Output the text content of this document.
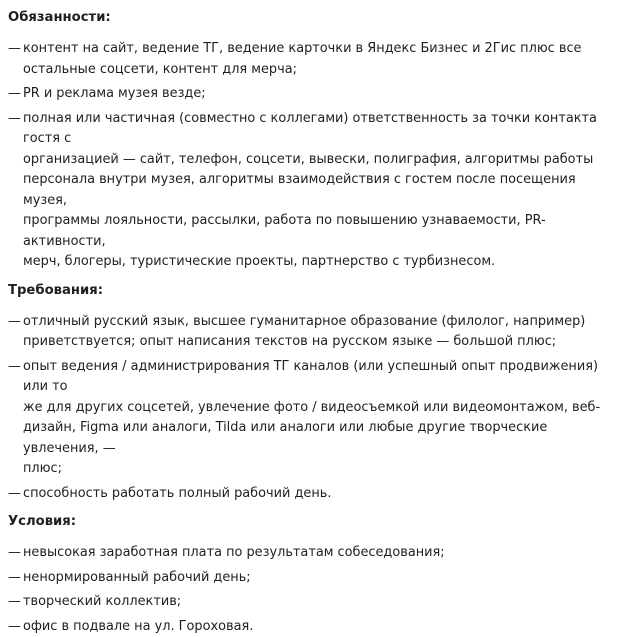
Обязанности:
— контент на сайт, ведение ТГ, ведение карточки в Яндекс Бизнес и 2Гис плюс все
остальные соцсети, контент для мерча;
— PR и реклама музея везде;
— полная или частичная (совместно с коллегами) ответственность за точки контакта гостя с
организацией — сайт, телефон, соцсети, вывески, полиграфия, алгоритмы работы
персонала внутри музея, алгоритмы взаимодействия с гостем после посещения музея,
программы лояльности, рассылки, работа по повышению узнаваемости, PR-активности,
мерч, блогеры, туристические проекты, партнерство с турбизнесом.
Требования:
— отличный русский язык, высшее гуманитарное образование (филолог, например)
приветствуется; опыт написания текстов на русском языке — большой плюс;
— опыт ведения / администрирования ТГ каналов (или успешный опыт продвижения) или то
же для других соцсетей, увлечение фото / видеосъемкой или видеомонтажом, веб-
дизайн, Figma или аналоги, Tilda или аналоги или любые другие творческие увлечения, —
плюс;
— способность работать полный рабочий день.
Условия:
— невысокая заработная плата по результатам собеседования;
— ненормированный рабочий день;
— творческий коллектив;
— офис в подвале на ул. Гороховая.
